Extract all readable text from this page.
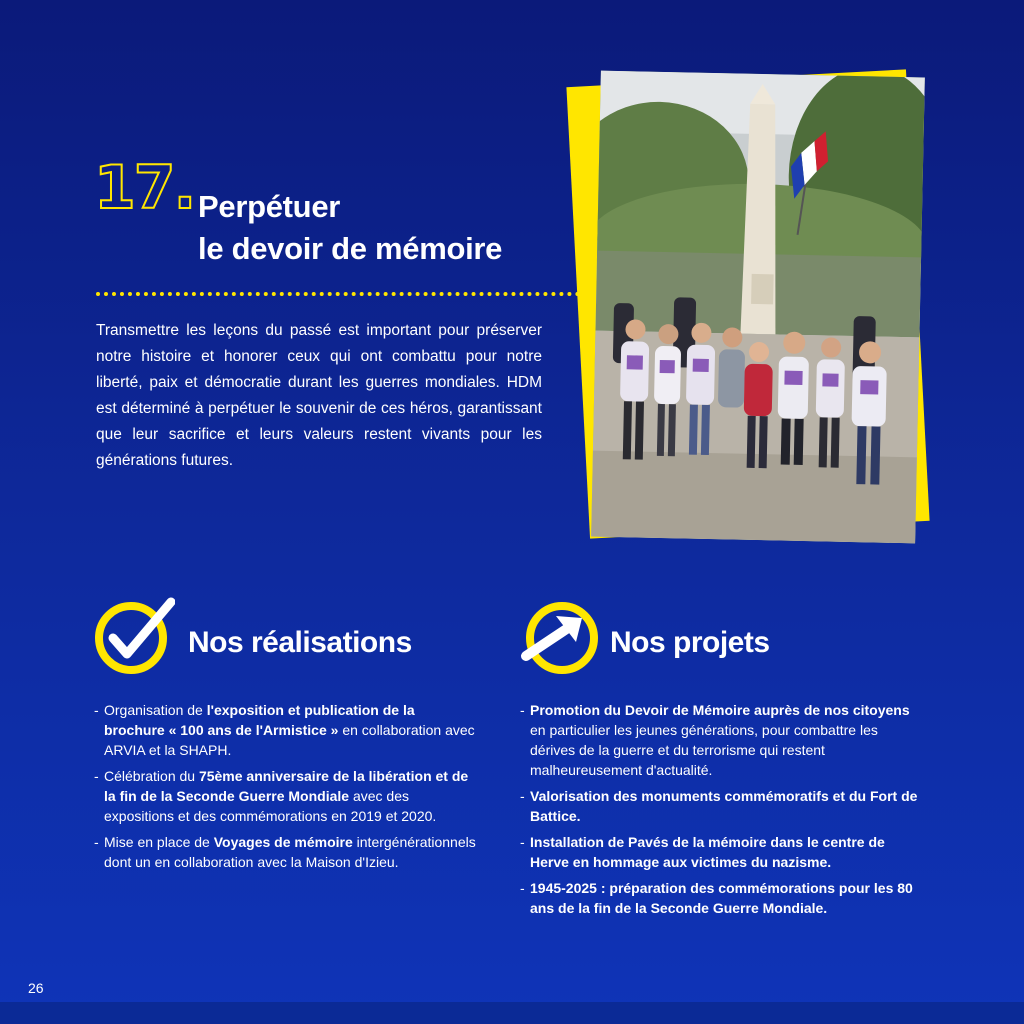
17. Perpétuer
le devoir de mémoire

Transmettre les leçons du passé est important pour préserver notre histoire et honorer ceux qui ont combattu pour notre liberté, paix et démocratie durant les guerres mondiales. HDM est déterminé à perpétuer le souvenir de ces héros, garantissant que leur sacrifice et leurs valeurs restent vivants pour les générations futures.

Nos réalisations	Nos projets
- Organisation de l'exposition et publication de la brochure « 100 ans de l'Armistice » en collaboration avec ARVIA et la SHAPH.
- Célébration du 75ème anniversaire de la libération et de la fin de la Seconde Guerre Mondiale avec des expositions et des commémorations en 2019 et 2020.
- Mise en place de Voyages de mémoire intergénérationnels dont un en collaboration avec la Maison d'Izieu.
- Promotion du Devoir de Mémoire auprès de nos citoyens en particulier les jeunes générations, pour combattre les dérives de la guerre et du terrorisme qui restent malheureusement d'actualité.
- Valorisation des monuments commémoratifs et du Fort de Battice.
- Installation de Pavés de la mémoire dans le centre de Herve en hommage aux victimes du nazisme.
- 1945-2025 : préparation des commémorations pour les 80 ans de la fin de la Seconde Guerre Mondiale.
26
